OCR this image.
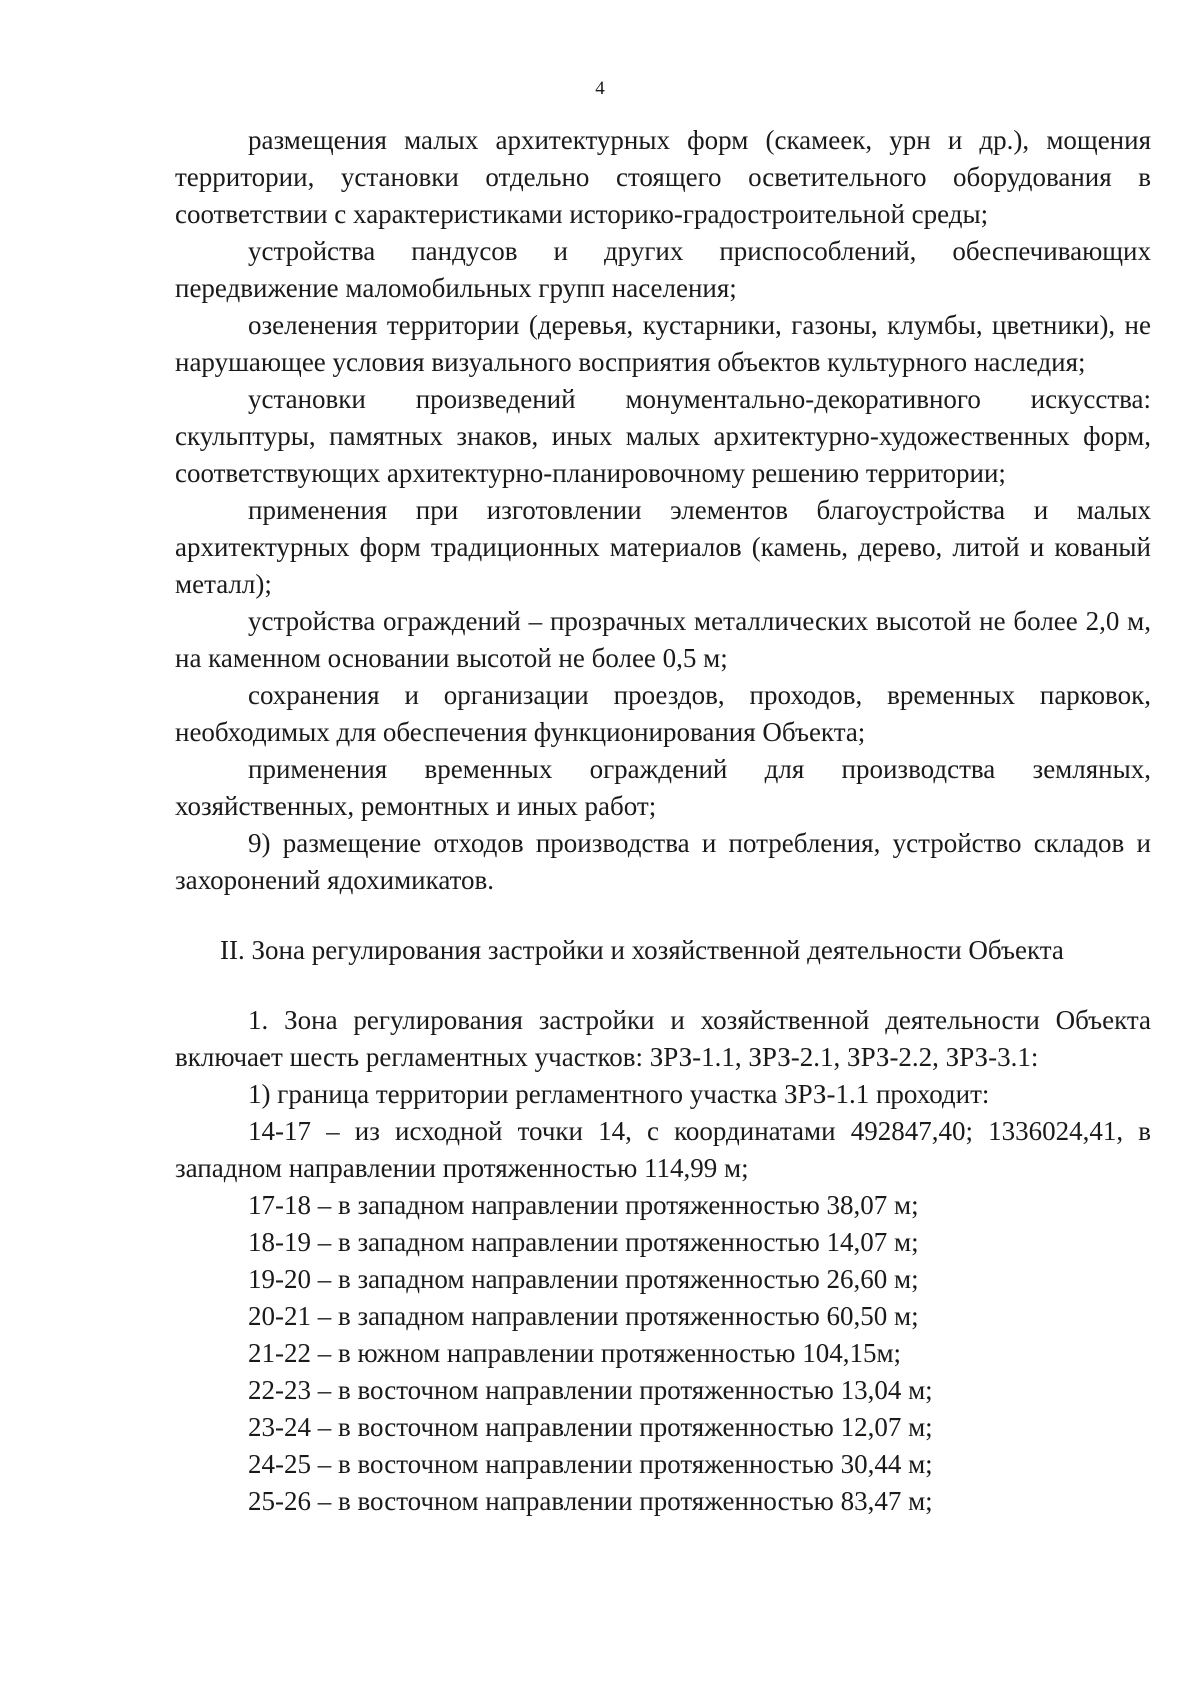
4

размещения малых архитектурных форм (скамеек, урн и др.), мощения территории, установки отдельно стоящего осветительного оборудования в соответствии с характеристиками историко-градостроительной среды;

устройства пандусов и других приспособлений, обеспечивающих передвижение маломобильных групп населения;

озеленения территории (деревья, кустарники, газоны, клумбы, цветники), не нарушающее условия визуального восприятия объектов культурного наследия;

установки произведений монументально-декоративного искусства: скульптуры, памятных знаков, иных малых архитектурно-художественных форм, соответствующих архитектурно-планировочному решению территории;

применения при изготовлении элементов благоустройства и малых архитектурных форм традиционных материалов (камень, дерево, литой и кованый металл);

устройства ограждений – прозрачных металлических высотой не более 2,0 м, на каменном основании высотой не более 0,5 м;

сохранения и организации проездов, проходов, временных парковок, необходимых для обеспечения функционирования Объекта;

применения временных ограждений для производства земляных, хозяйственных, ремонтных и иных работ;

9) размещение отходов производства и потребления, устройство складов и захоронений ядохимикатов.

II. Зона регулирования застройки и хозяйственной деятельности Объекта

1. Зона регулирования застройки и хозяйственной деятельности Объекта включает шесть регламентных участков: ЗРЗ-1.1, ЗРЗ-2.1, ЗРЗ-2.2, ЗРЗ-3.1:

1) граница территории регламентного участка ЗРЗ-1.1 проходит:

14-17 – из исходной точки 14, с координатами 492847,40; 1336024,41, в западном направлении протяженностью 114,99 м;

17-18 – в западном направлении протяженностью 38,07 м;

18-19 – в западном направлении протяженностью 14,07 м;

19-20 – в западном направлении протяженностью 26,60 м;

20-21 – в западном направлении протяженностью 60,50 м;

21-22 – в южном направлении протяженностью 104,15м;

22-23 – в восточном направлении протяженностью 13,04 м;

23-24 – в восточном направлении протяженностью 12,07 м;

24-25 – в восточном направлении протяженностью 30,44 м;

25-26 – в восточном направлении протяженностью 83,47 м;
